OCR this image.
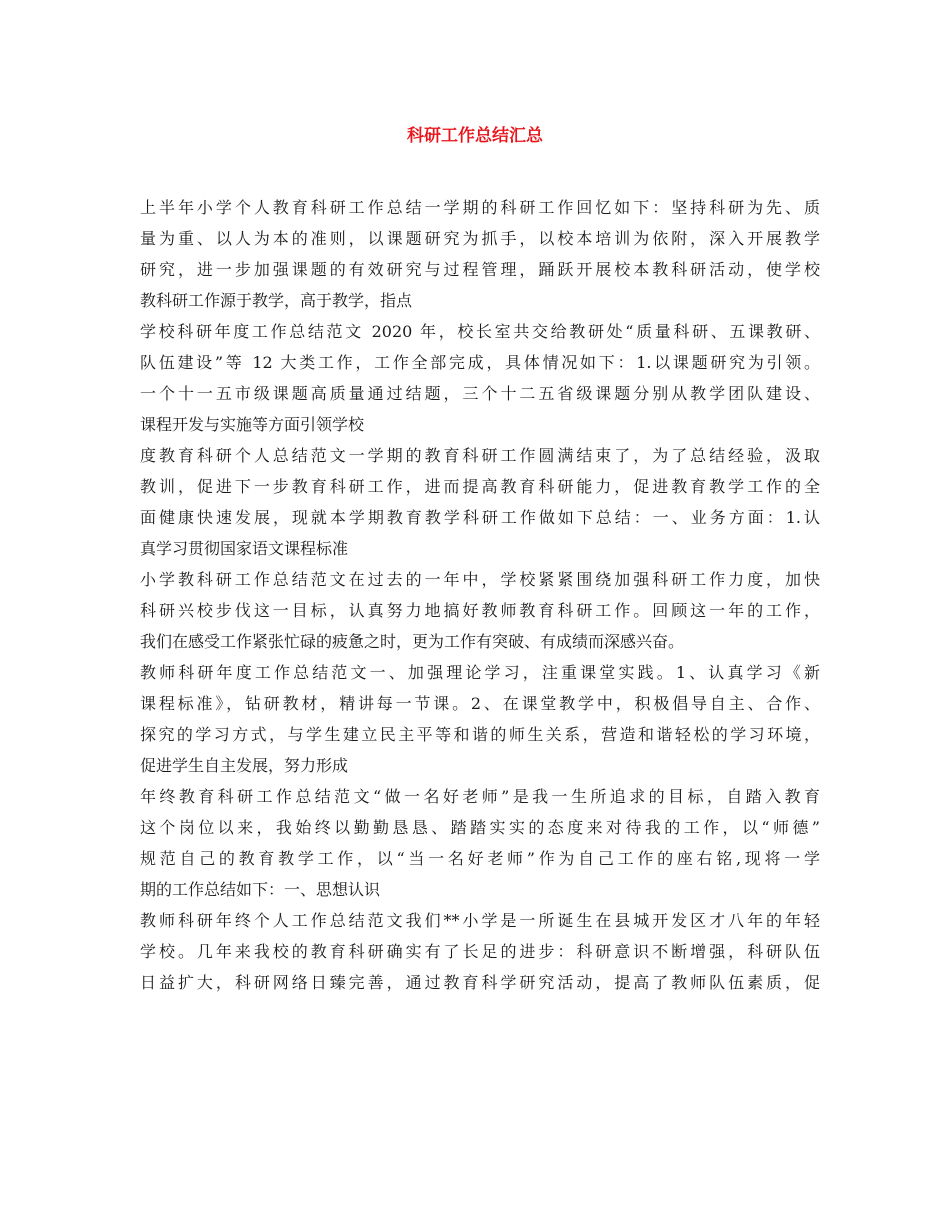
科研工作总结汇总
上半年小学个人教育科研工作总结一学期的科研工作回忆如下：坚持科研为先、质
量为重、以人为本的准则，以课题研究为抓手，以校本培训为依附，深入开展教学
研究，进一步加强课题的有效研究与过程管理，踊跃开展校本教科研活动，使学校
教科研工作源于教学，高于教学，指点
学校科研年度工作总结范文 2020 年，校长室共交给教研处“质量科研、五课教研、
队伍建设”等 12 大类工作，工作全部完成，具体情况如下：1.以课题研究为引领。
一个十一五市级课题高质量通过结题，三个十二五省级课题分别从教学团队建设、
课程开发与实施等方面引领学校
度教育科研个人总结范文一学期的教育科研工作圆满结束了，为了总结经验，汲取
教训，促进下一步教育科研工作，进而提高教育科研能力，促进教育教学工作的全
面健康快速发展，现就本学期教育教学科研工作做如下总结：一、业务方面：1.认
真学习贯彻国家语文课程标准
小学教科研工作总结范文在过去的一年中，学校紧紧围绕加强科研工作力度，加快
科研兴校步伐这一目标，认真努力地搞好教师教育科研工作。回顾这一年的工作，
我们在感受工作紧张忙碌的疲惫之时，更为工作有突破、有成绩而深感兴奋。
教师科研年度工作总结范文一、加强理论学习，注重课堂实践。1、认真学习《新
课程标准》，钻研教材，精讲每一节课。2、在课堂教学中，积极倡导自主、合作、
探究的学习方式，与学生建立民主平等和谐的师生关系，营造和谐轻松的学习环境，
促进学生自主发展，努力形成
年终教育科研工作总结范文“做一名好老师”是我一生所追求的目标，自踏入教育
这个岗位以来，我始终以勤勤恳恳、踏踏实实的态度来对待我的工作，以“师德”
规范自己的教育教学工作，以“当一名好老师”作为自己工作的座右铭,现将一学
期的工作总结如下：一、思想认识
教师科研年终个人工作总结范文我们**小学是一所诞生在县城开发区才八年的年轻
学校。几年来我校的教育科研确实有了长足的进步：科研意识不断增强，科研队伍
日益扩大，科研网络日臻完善，通过教育科学研究活动，提高了教师队伍素质，促
